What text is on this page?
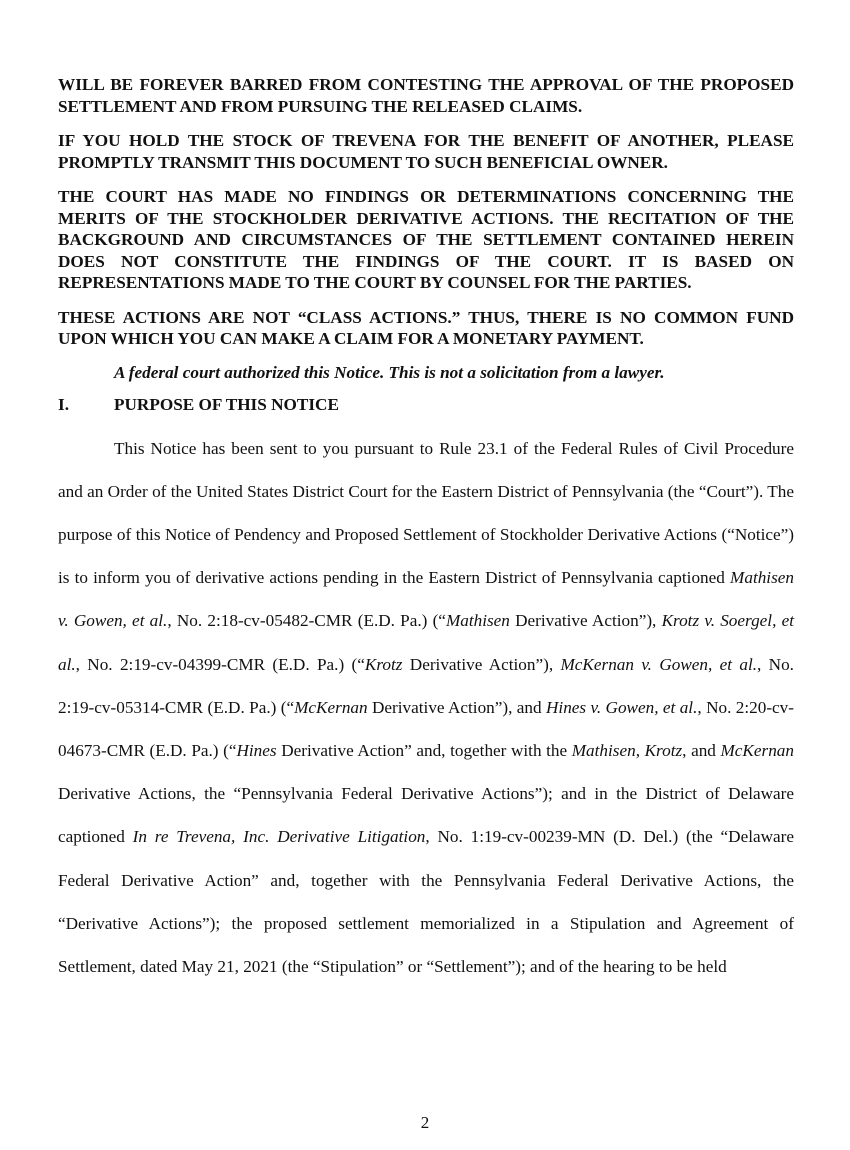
WILL BE FOREVER BARRED FROM CONTESTING THE APPROVAL OF THE PROPOSED SETTLEMENT AND FROM PURSUING THE RELEASED CLAIMS.

IF YOU HOLD THE STOCK OF TREVENA FOR THE BENEFIT OF ANOTHER, PLEASE PROMPTLY TRANSMIT THIS DOCUMENT TO SUCH BENEFICIAL OWNER.

THE COURT HAS MADE NO FINDINGS OR DETERMINATIONS CONCERNING THE MERITS OF THE STOCKHOLDER DERIVATIVE ACTIONS. THE RECITATION OF THE BACKGROUND AND CIRCUMSTANCES OF THE SETTLEMENT CONTAINED HEREIN DOES NOT CONSTITUTE THE FINDINGS OF THE COURT. IT IS BASED ON REPRESENTATIONS MADE TO THE COURT BY COUNSEL FOR THE PARTIES.

THESE ACTIONS ARE NOT “CLASS ACTIONS.” THUS, THERE IS NO COMMON FUND UPON WHICH YOU CAN MAKE A CLAIM FOR A MONETARY PAYMENT.

A federal court authorized this Notice. This is not a solicitation from a lawyer.

I.	PURPOSE OF THIS NOTICE

This Notice has been sent to you pursuant to Rule 23.1 of the Federal Rules of Civil Procedure and an Order of the United States District Court for the Eastern District of Pennsylvania (the “Court”). The purpose of this Notice of Pendency and Proposed Settlement of Stockholder Derivative Actions (“Notice”) is to inform you of derivative actions pending in the Eastern District of Pennsylvania captioned Mathisen v. Gowen, et al., No. 2:18-cv-05482-CMR (E.D. Pa.) (“Mathisen Derivative Action”), Krotz v. Soergel, et al., No. 2:19-cv-04399-CMR (E.D. Pa.) (“Krotz Derivative Action”), McKernan v. Gowen, et al., No. 2:19-cv-05314-CMR (E.D. Pa.) (“McKernan Derivative Action”), and Hines v. Gowen, et al., No. 2:20-cv-04673-CMR (E.D. Pa.) (“Hines Derivative Action” and, together with the Mathisen, Krotz, and McKernan Derivative Actions, the “Pennsylvania Federal Derivative Actions”); and in the District of Delaware captioned In re Trevena, Inc. Derivative Litigation, No. 1:19-cv-00239-MN (D. Del.) (the “Delaware Federal Derivative Action” and, together with the Pennsylvania Federal Derivative Actions, the “Derivative Actions”); the proposed settlement memorialized in a Stipulation and Agreement of Settlement, dated May 21, 2021 (the “Stipulation” or “Settlement”); and of the hearing to be held

2
